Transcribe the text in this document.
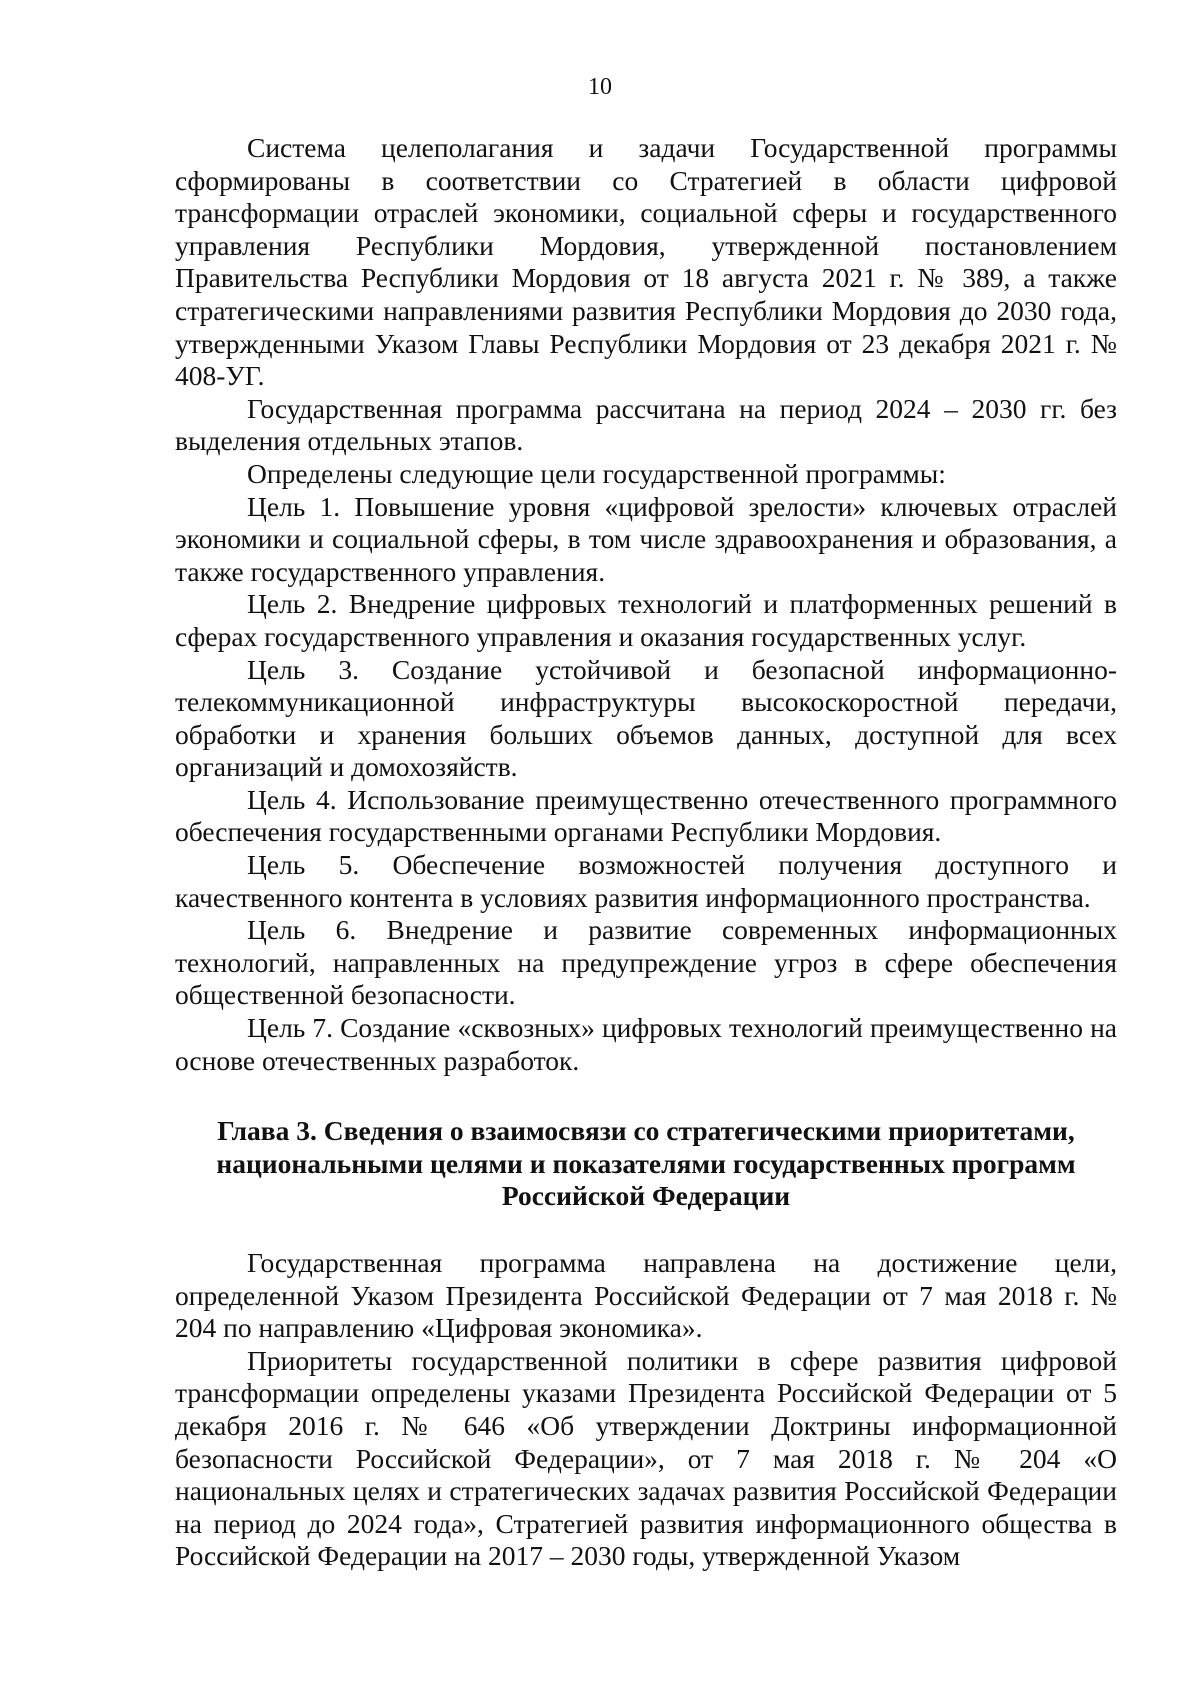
10

Система целеполагания и задачи Государственной программы сформированы в соответствии со Стратегией в области цифровой трансформации отраслей экономики, социальной сферы и государственного управления Республики Мордовия, утвержденной постановлением Правительства Республики Мордовия от 18 августа 2021 г. № 389, а также стратегическими направлениями развития Республики Мордовия до 2030 года, утвержденными Указом Главы Республики Мордовия от 23 декабря 2021 г. № 408-УГ.

Государственная программа рассчитана на период 2024 – 2030 гг. без выделения отдельных этапов.

Определены следующие цели государственной программы:

Цель 1. Повышение уровня «цифровой зрелости» ключевых отраслей экономики и социальной сферы, в том числе здравоохранения и образования, а также государственного управления.

Цель 2. Внедрение цифровых технологий и платформенных решений в сферах государственного управления и оказания государственных услуг.

Цель 3. Создание устойчивой и безопасной информационно-телекоммуникационной инфраструктуры высокоскоростной передачи, обработки и хранения больших объемов данных, доступной для всех организаций и домохозяйств.

Цель 4. Использование преимущественно отечественного программного обеспечения государственными органами Республики Мордовия.

Цель 5. Обеспечение возможностей получения доступного и качественного контента в условиях развития информационного пространства.

Цель 6. Внедрение и развитие современных информационных технологий, направленных на предупреждение угроз в сфере обеспечения общественной безопасности.

Цель 7. Создание «сквозных» цифровых технологий преимущественно на основе отечественных разработок.

Глава 3. Сведения о взаимосвязи со стратегическими приоритетами,
национальными целями и показателями государственных программ
Российской Федерации

Государственная программа направлена на достижение цели, определенной Указом Президента Российской Федерации от 7 мая 2018 г. № 204 по направлению «Цифровая экономика».

Приоритеты государственной политики в сфере развития цифровой трансформации определены указами Президента Российской Федерации от 5 декабря 2016 г. № 646 «Об утверждении Доктрины информационной безопасности Российской Федерации», от 7 мая 2018 г. № 204 «О национальных целях и стратегических задачах развития Российской Федерации на период до 2024 года», Стратегией развития информационного общества в Российской Федерации на 2017 – 2030 годы, утвержденной Указом
